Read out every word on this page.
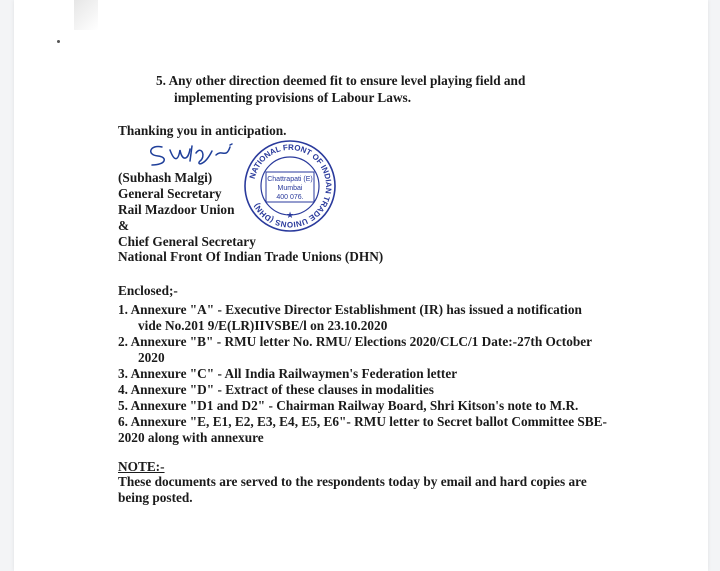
5. Any other direction deemed fit to ensure level playing field and
implementing provisions of Labour Laws.
Thanking you in anticipation.
(Subhash Malgi)
General Secretary
Rail Mazdoor Union
&
Chief General Secretary
National Front Of Indian Trade Unions (DHN)
NATIONAL FRONT OF INDIAN TRADE UNIONS (DHN)
Chattrapati (E)
Mumbai
400 076.
★
Enclosed;-
1. Annexure "A" - Executive Director Establishment (IR) has issued a notification
vide No.201 9/E(LR)IIVSBE/l on 23.10.2020
2. Annexure "B" - RMU letter No. RMU/ Elections 2020/CLC/1 Date:-27th October
2020
3. Annexure "C" - All India Railwaymen's Federation letter
4. Annexure "D" - Extract of these clauses in modalities
5. Annexure "D1 and D2" - Chairman Railway Board, Shri Kitson's note to M.R.
6. Annexure "E, E1, E2, E3, E4, E5, E6"- RMU letter to Secret ballot Committee SBE-
2020 along with annexure
NOTE:-
These documents are served to the respondents today by email and hard copies are
being posted.
